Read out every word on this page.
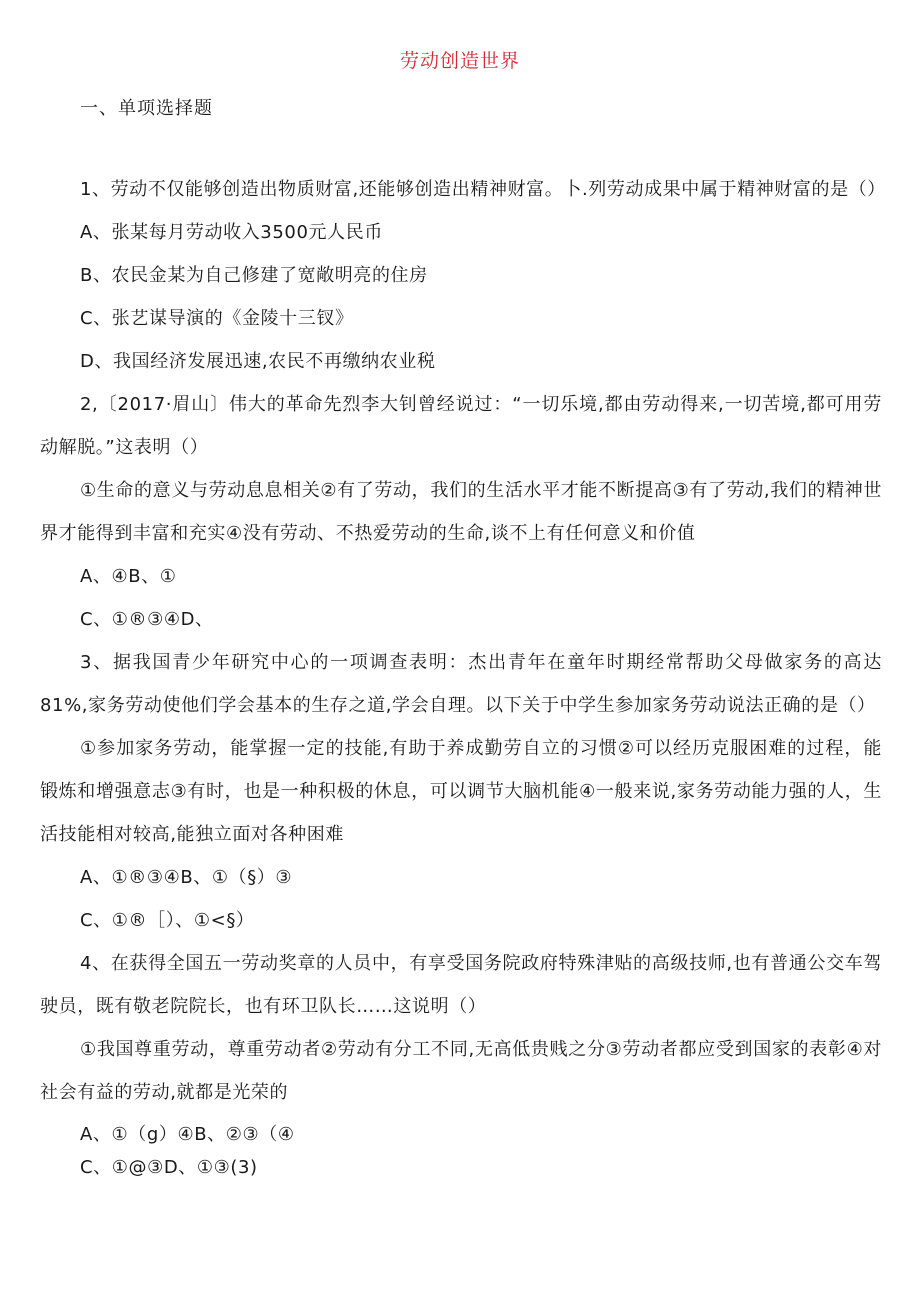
劳动创造世界
一、单项选择题

1、劳动不仅能够创造出物质财富,还能够创造出精神财富。卜.列劳动成果中属于精神财富的是（）

A、张某每月劳动收入3500元人民币

B、农民金某为自己修建了宽敞明亮的住房

C、张艺谋导演的《金陵十三钗》

D、我国经济发展迅速,农民不再缴纳农业税

2,〔2017·眉山〕伟大的革命先烈李大钊曾经说过：“一切乐境,都由劳动得来,一切苦境,都可用劳动解脱。”这表明（）

①生命的意义与劳动息息相关②有了劳动，我们的生活水平才能不断提高③有了劳动,我们的精神世界才能得到丰富和充实④没有劳动、不热爱劳动的生命,谈不上有任何意义和价值

A、④B、①

C、①®③④D、

3、据我国青少年研究中心的一项调查表明：杰出青年在童年时期经常帮助父母做家务的高达81%,家务劳动使他们学会基本的生存之道,学会自理。以下关于中学生参加家务劳动说法正确的是（）

①参加家务劳动，能掌握一定的技能,有助于养成勤劳自立的习惯②可以经历克服困难的过程，能锻炼和增强意志③有时，也是一种积极的休息，可以调节大脑机能④一般来说,家务劳动能力强的人，生活技能相对较高,能独立面对各种困难

A、①®③④B、①（§）③

C、①®［）、①<§）

4、在获得全国五一劳动奖章的人员中，有享受国务院政府特殊津贴的高级技师,也有普通公交车驾驶员，既有敬老院院长，也有环卫队长……这说明（）

①我国尊重劳动，尊重劳动者②劳动有分工不同,无高低贵贱之分③劳动者都应受到国家的表彰④对社会有益的劳动,就都是光荣的

A、①（g）④B、②③（④

C、①@③D、①③(3)
